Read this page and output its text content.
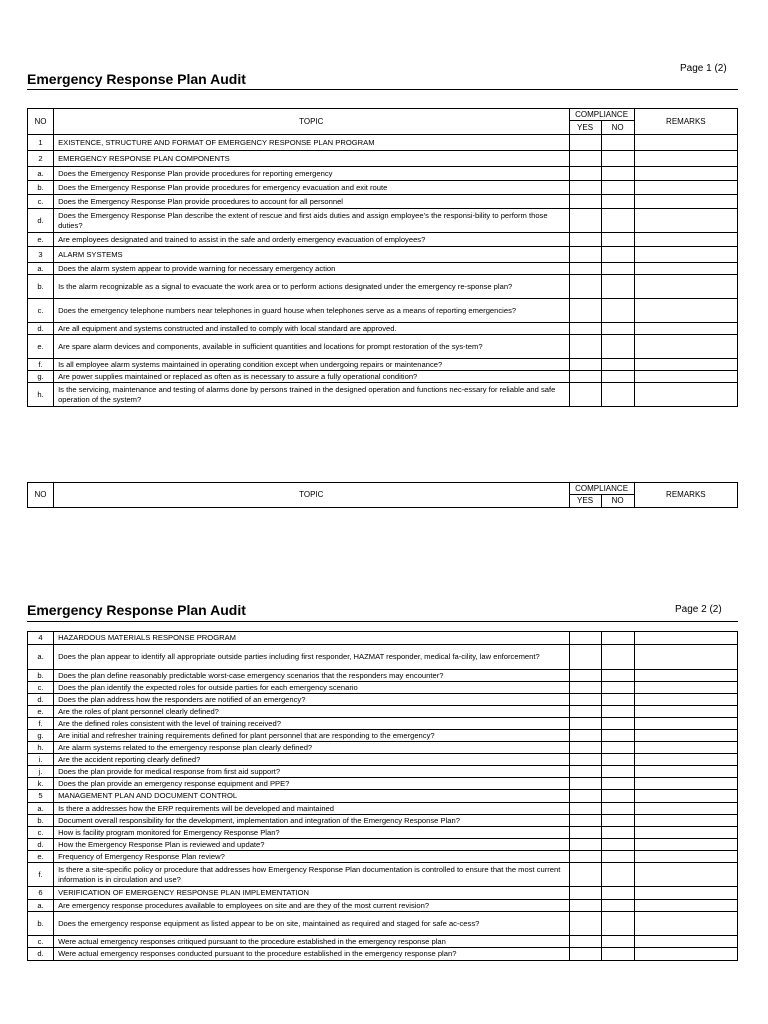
Page 1 (2)
Emergency Response Plan Audit
NO	TOPIC	COMPLIANCE		REMARKS
		YES	NO	
1	EXISTENCE, STRUCTURE AND FORMAT OF EMERGENCY RESPONSE PLAN PROGRAM			
2	EMERGENCY RESPONSE PLAN COMPONENTS			
a.	Does the Emergency Response Plan provide procedures for reporting emergency			
b.	Does the Emergency Response Plan provide procedures for emergency evacuation and exit route			
c.	Does the Emergency Response Plan provide procedures to account for all personnel			
d.	Does the Emergency Response Plan describe the extent of rescue and first aids duties and assign employee’s the responsi-bility to perform those duties?			
e.	Are employees designated and trained to assist in the safe and orderly emergency evacuation of employees?			
3	ALARM SYSTEMS			
a.	Does the alarm system appear to provide warning for necessary emergency action			
b.	Is the alarm recognizable as a signal to evacuate the work area or to perform actions designated under the emergency re-sponse plan?			
c.	Does the emergency telephone numbers near telephones in guard house when telephones serve as a means of reporting emergencies?			
d.	Are all equipment and systems constructed and installed to comply with local standard are approved.			
e.	Are spare alarm devices and components, available in sufficient quantities and locations for prompt restoration of the sys-tem?			
f.	Is all employee alarm systems maintained in operating condition except when undergoing repairs or maintenance?			
g.	Are power supplies maintained or replaced as often as is necessary to assure a fully operational condition?			
h.	Is the servicing, maintenance and testing of alarms done by persons trained in the designed operation and functions nec-essary for reliable and safe operation of the system?			
NO	TOPIC	COMPLIANCE		REMARKS
		YES	NO	
Page 2 (2)
Emergency Response Plan Audit
4	HAZARDOUS MATERIALS RESPONSE PROGRAM			
a.	Does the plan appear to identify all appropriate outside parties including first responder, HAZMAT responder, medical fa-cility, law enforcement?			
b.	Does the plan define reasonably predictable worst-case emergency scenarios that the responders may encounter?			
c.	Does the plan identify the expected roles for outside parties for each emergency scenario			
d.	Does the plan address how the responders are notified of an emergency?			
e.	Are the roles of plant personnel clearly defined?			
f.	Are the defined roles consistent with the level of training received?			
g.	Are initial and refresher training requirements defined for plant personnel that are responding to the emergency?			
h.	Are alarm systems related to the emergency response plan clearly defined?			
i.	Are the accident reporting clearly defined?			
j.	Does the plan provide for medical response from first aid support?			
k.	Does the plan provide an emergency response equipment and PPE?			
5	MANAGEMENT PLAN AND DOCUMENT CONTROL			
a.	Is there a addresses how the ERP requirements will be developed and maintained			
b.	Document overall responsibility for the development, implementation and integration of the Emergency Response Plan?			
c.	How is facility program monitored for Emergency Response Plan?			
d.	How the Emergency Response Plan is reviewed and update?			
e.	Frequency of Emergency Response Plan review?			
f.	Is there a site-specific policy or procedure that addresses how Emergency Response Plan documentation is controlled to ensure that the most current information is in circulation and use?			
6	VERIFICATION OF EMERGENCY RESPONSE PLAN IMPLEMENTATION			
a.	Are emergency response procedures available to employees on site and are they of the most current revision?			
b.	Does the emergency response equipment as listed appear to be on site, maintained as required and staged for safe ac-cess?			
c.	Were actual emergency responses critiqued pursuant to the procedure established in the emergency response plan			
d.	Were actual emergency responses conducted pursuant to the procedure established in the emergency response plan?			
